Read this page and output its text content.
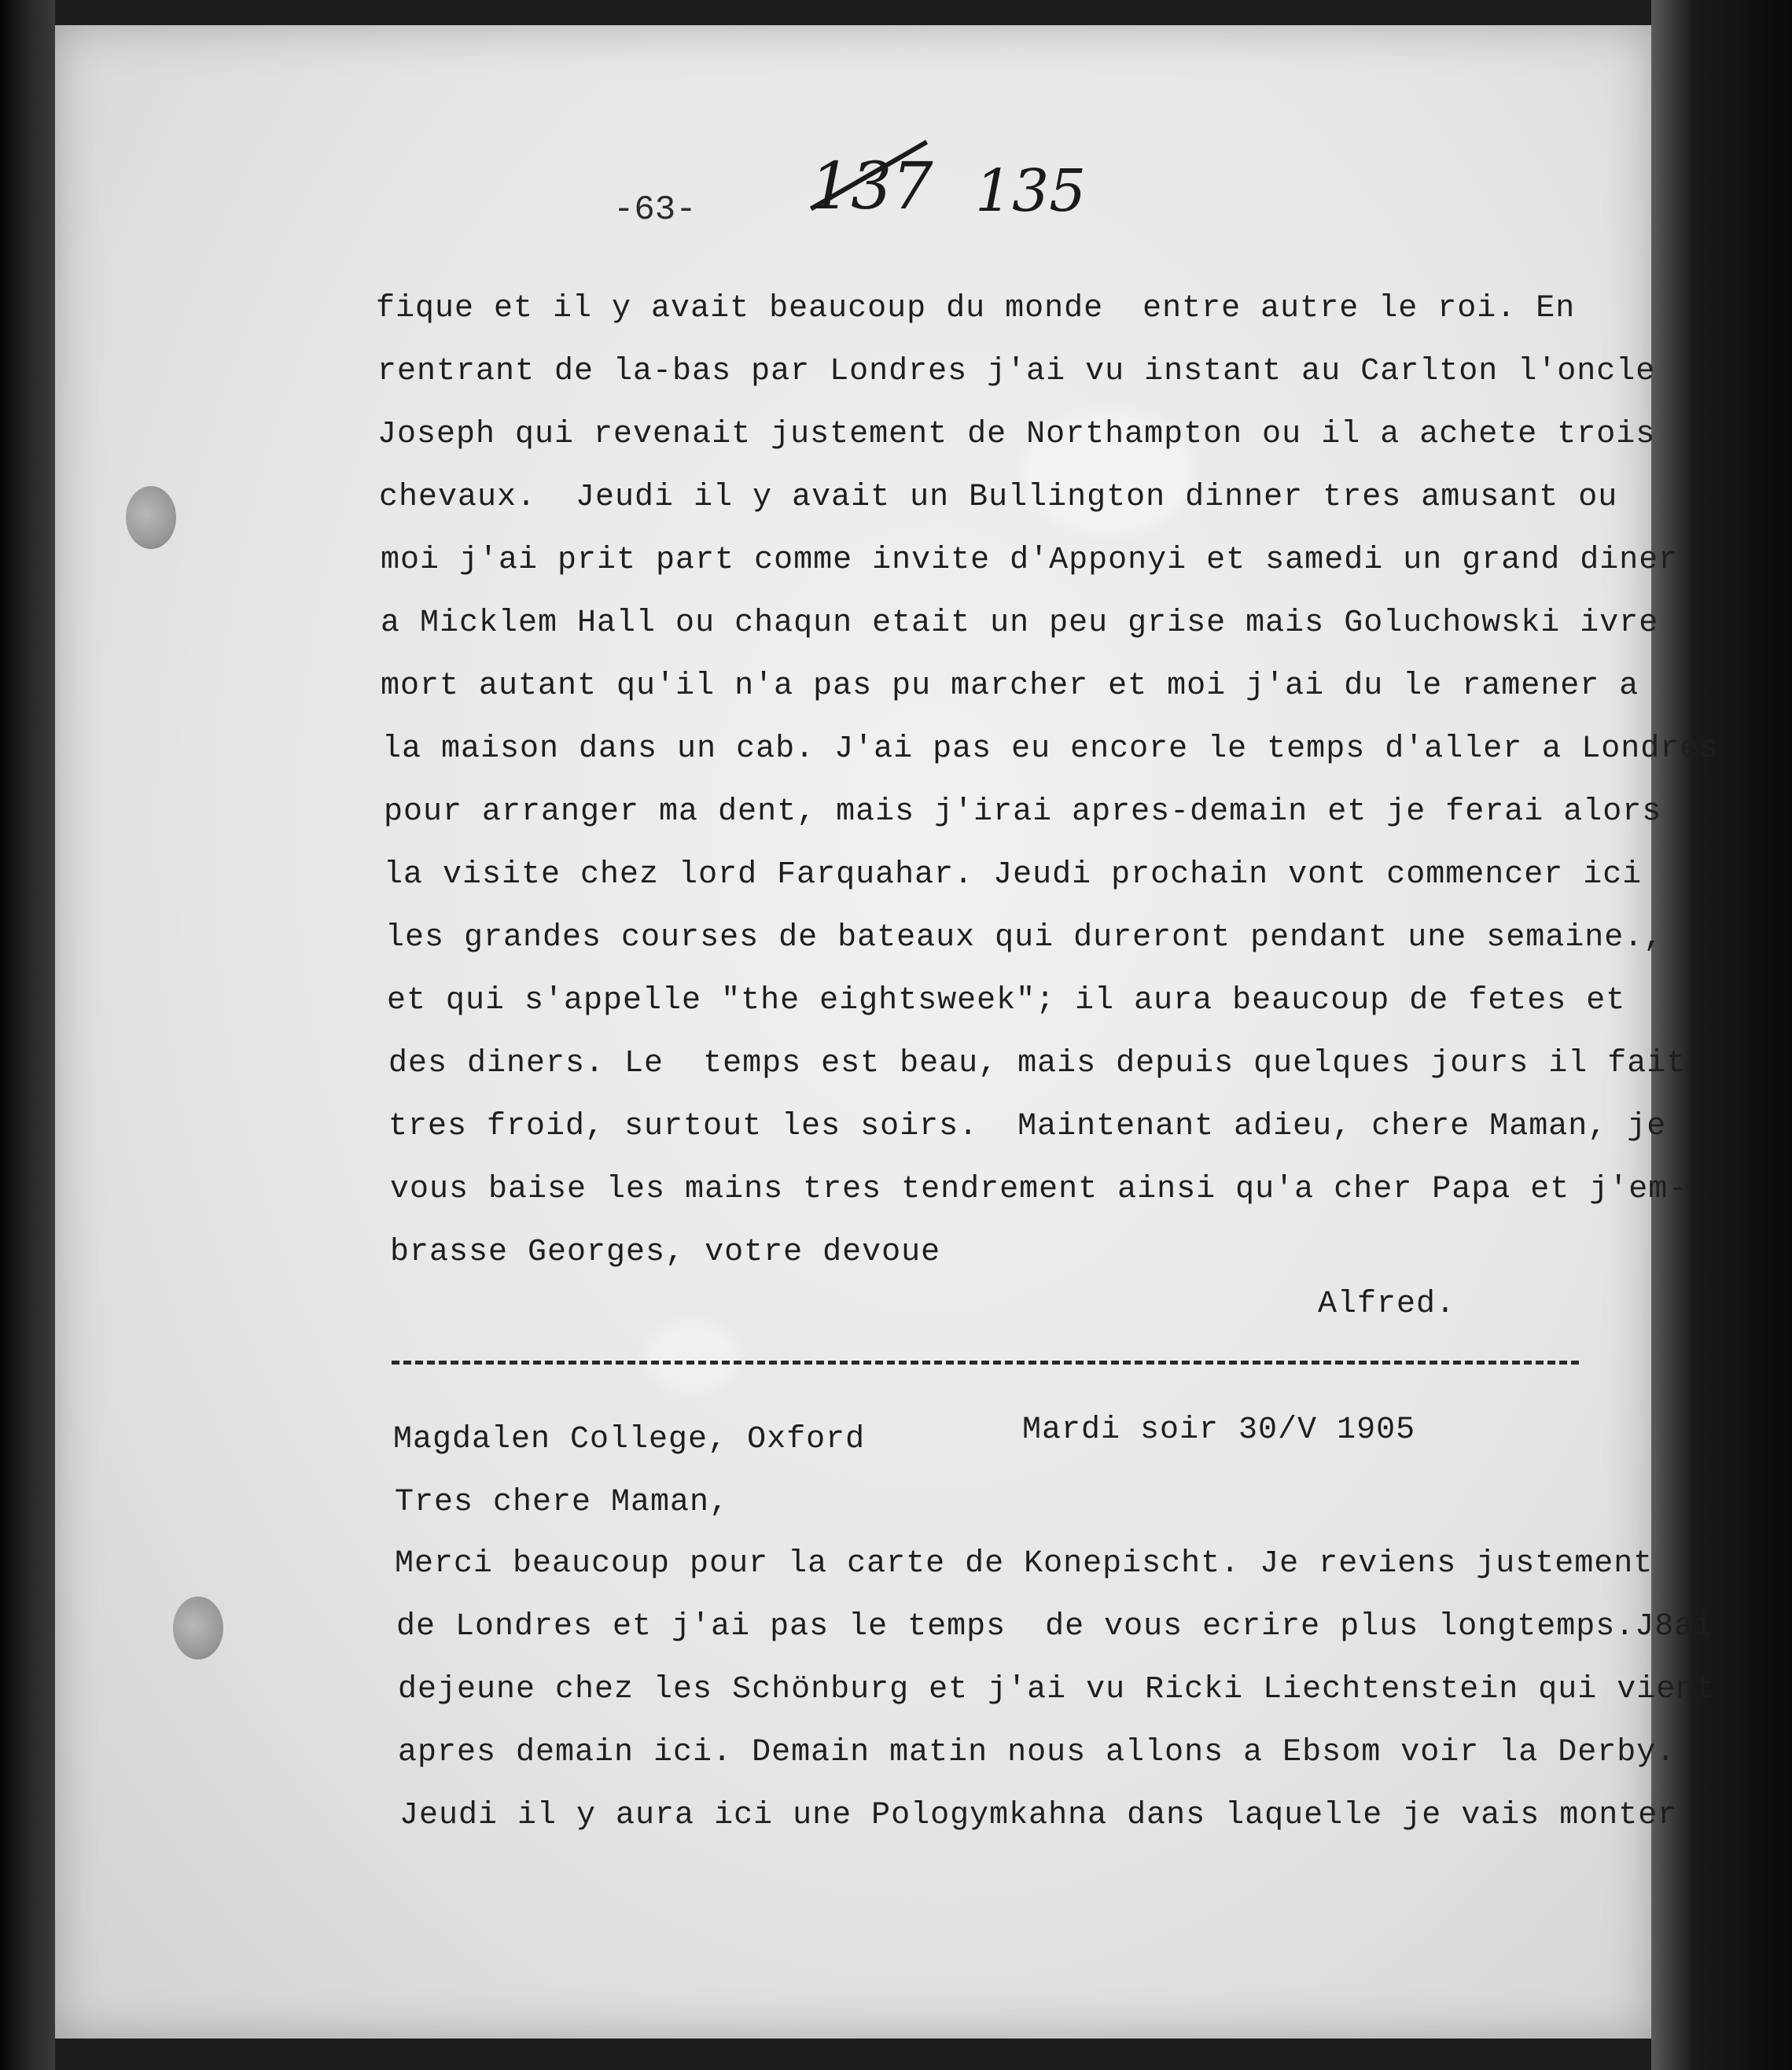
-63- 137 135
fique et il y avait beaucoup du monde  entre autre le roi. En
rentrant de la-bas par Londres j'ai vu instant au Carlton l'oncle
Joseph qui revenait justement de Northampton ou il a achete trois
chevaux.  Jeudi il y avait un Bullington dinner tres amusant ou
moi j'ai prit part comme invite d'Apponyi et samedi un grand diner
a Micklem Hall ou chaqun etait un peu grise mais Goluchowski ivre
mort autant qu'il n'a pas pu marcher et moi j'ai du le ramener a
la maison dans un cab. J'ai pas eu encore le temps d'aller a Londres
pour arranger ma dent, mais j'irai apres-demain et je ferai alors
la visite chez lord Farquahar. Jeudi prochain vont commencer ici
les grandes courses de bateaux qui dureront pendant une semaine.,
et qui s'appelle "the eightsweek"; il aura beaucoup de fetes et
des diners. Le  temps est beau, mais depuis quelques jours il fait
tres froid, surtout les soirs.  Maintenant adieu, chere Maman, je
vous baise les mains tres tendrement ainsi qu'a cher Papa et j'em-
brasse Georges, votre devoue
Alfred.
Magdalen College, Oxford	Mardi soir 30/V 1905
Tres chere Maman,
Merci beaucoup pour la carte de Konepischt. Je reviens justement
de Londres et j'ai pas le temps  de vous ecrire plus longtemps.J8ai
dejeune chez les Schönburg et j'ai vu Ricki Liechtenstein qui vient
apres demain ici. Demain matin nous allons a Ebsom voir la Derby.
Jeudi il y aura ici une Pologymkahna dans laquelle je vais monter
